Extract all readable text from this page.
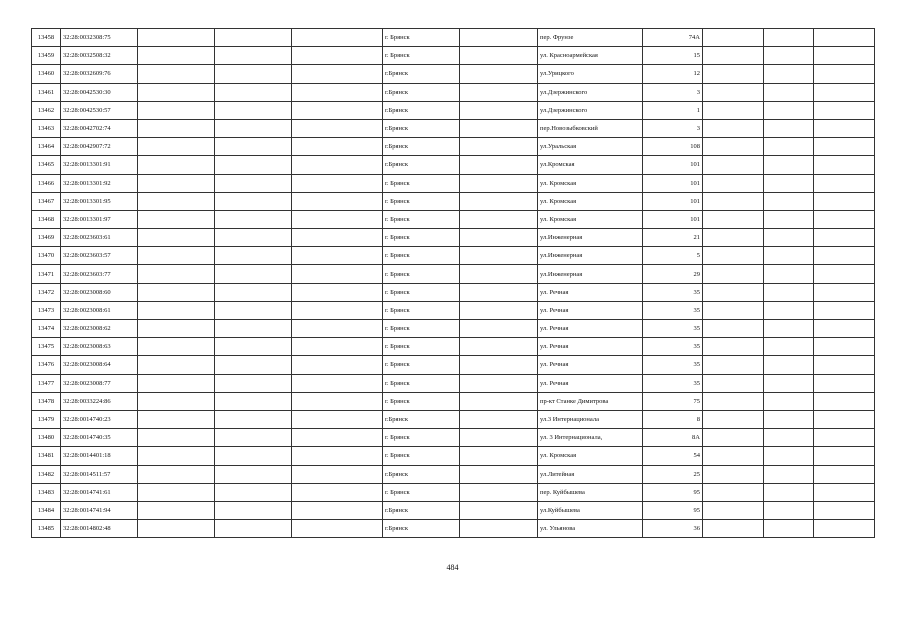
13458	32:28:0032308:75				г. Брянск		пер. Фрунзе	74А			
13459	32:28:0032508:32				г. Брянск		ул. Красноармейская	15			
13460	32:28:0032609:76				г.Брянск		ул.Урицкого	12			
13461	32:28:0042530:30				г.Брянск		ул.Дзержинского	3			
13462	32:28:0042530:57				г.Брянск		ул.Дзержинского	1			
13463	32:28:0042702:74				г.Брянск		пер.Новозыбковский	3			
13464	32:28:0042907:72				г.Брянск		ул.Уральская	108			
13465	32:28:0013301:91				г.Брянск		ул.Кромская	101			
13466	32:28:0013301:92				г. Брянск		ул. Кромская	101			
13467	32:28:0013301:95				г. Брянск		ул. Кромская	101			
13468	32:28:0013301:97				г. Брянск		ул. Кромская	101			
13469	32:28:0023603:61				г. Брянск		ул.Инженерная	21			
13470	32:28:0023603:57				г. Брянск		ул.Инженерная	5			
13471	32:28:0023603:77				г. Брянск		ул.Инженерная	29			
13472	32:28:0023008:60				г. Брянск		ул. Речная	35			
13473	32:28:0023008:61				г. Брянск		ул. Речная	35			
13474	32:28:0023008:62				г. Брянск		ул. Речная	35			
13475	32:28:0023008:63				г. Брянск		ул. Речная	35			
13476	32:28:0023008:64				г. Брянск		ул. Речная	35			
13477	32:28:0023008:77				г. Брянск		ул. Речная	35			
13478	32:28:0033224:86				г. Брянск		пр-кт Станке Димитрова	75			
13479	32:28:0014740:23				г.Брянск		ул.3 Интернационала	8			
13480	32:28:0014740:35				г. Брянск		ул. 3 Интернационала,	8А			
13481	32:28:0014401:18				г. Брянск		ул. Кромская	54			
13482	32:28:0014511:57				г.Брянск		ул.Литейная	25			
13483	32:28:0014741:61				г. Брянск		пер. Куйбышева	95			
13484	32:28:0014741:94				г.Брянск		ул.Куйбышева	95			
13485	32:28:0014802:48				г.Брянск		ул. Ульянова	36			
484
